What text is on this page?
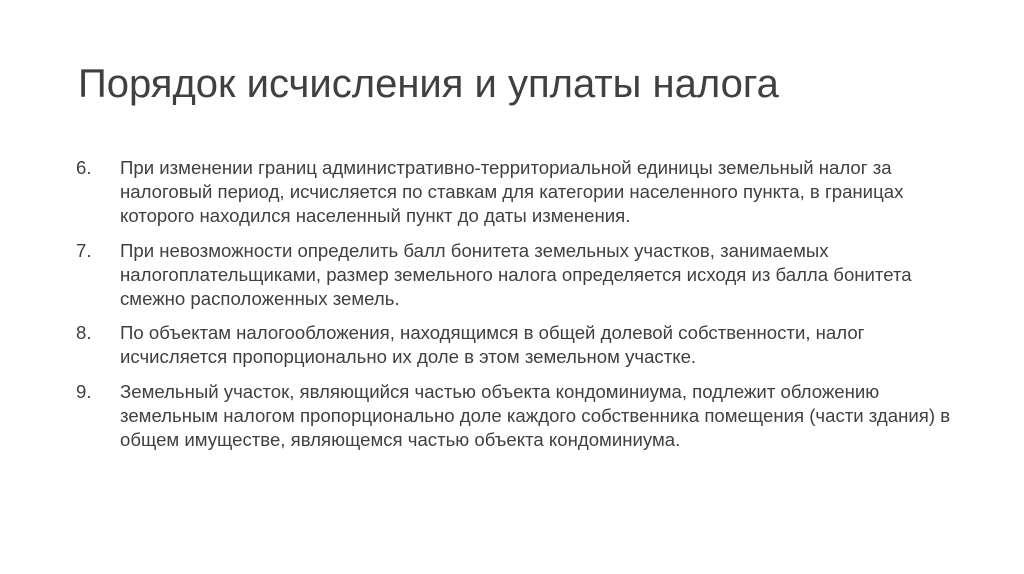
Порядок исчисления и уплаты налога
6.	При изменении границ административно-территориальной единицы земельный налог за налоговый период, исчисляется по ставкам для категории населенного пункта, в границах которого находился населенный пункт до даты изменения.
7.	При невозможности определить балл бонитета земельных участков, занимаемых налогоплательщиками, размер земельного налога определяется исходя из балла бонитета смежно расположенных земель.
8.	По объектам налогообложения, находящимся в общей долевой собственности, налог исчисляется пропорционально их доле в этом земельном участке.
9.	Земельный участок, являющийся частью объекта кондоминиума, подлежит обложению земельным налогом пропорционально доле каждого собственника помещения (части здания) в общем имуществе, являющемся частью объекта кондоминиума.
